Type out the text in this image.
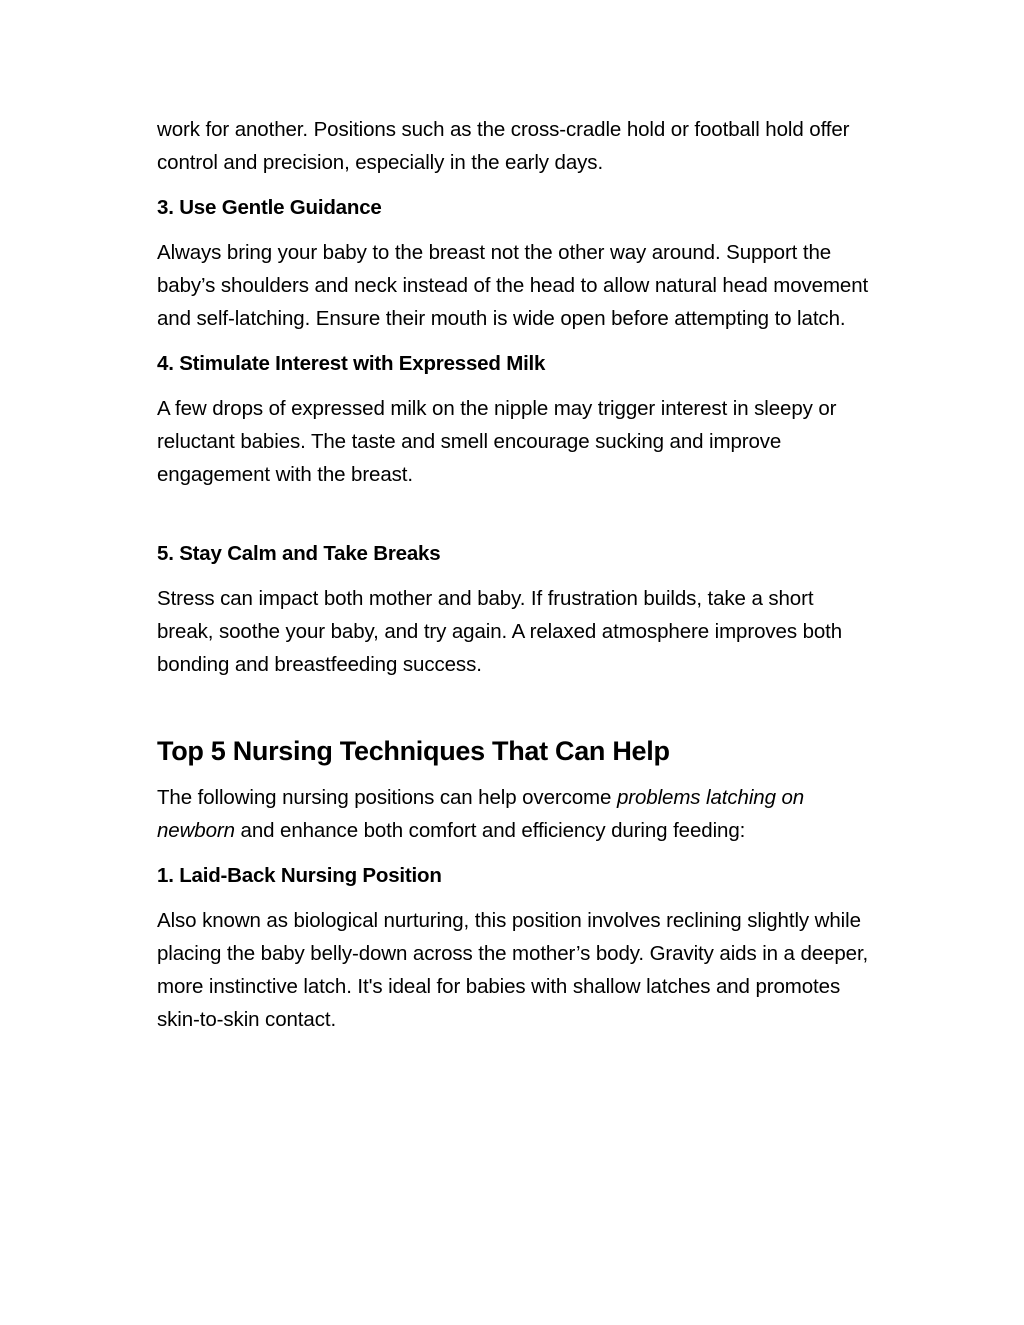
work for another. Positions such as the cross-cradle hold or football hold offer control and precision, especially in the early days.

3. Use Gentle Guidance

Always bring your baby to the breast not the other way around. Support the baby’s shoulders and neck instead of the head to allow natural head movement and self-latching. Ensure their mouth is wide open before attempting to latch.

4. Stimulate Interest with Expressed Milk

A few drops of expressed milk on the nipple may trigger interest in sleepy or reluctant babies. The taste and smell encourage sucking and improve engagement with the breast.

5. Stay Calm and Take Breaks

Stress can impact both mother and baby. If frustration builds, take a short break, soothe your baby, and try again. A relaxed atmosphere improves both bonding and breastfeeding success.

Top 5 Nursing Techniques That Can Help

The following nursing positions can help overcome problems latching on newborn and enhance both comfort and efficiency during feeding:

1. Laid-Back Nursing Position

Also known as biological nurturing, this position involves reclining slightly while placing the baby belly-down across the mother’s body. Gravity aids in a deeper, more instinctive latch. It's ideal for babies with shallow latches and promotes skin-to-skin contact.
